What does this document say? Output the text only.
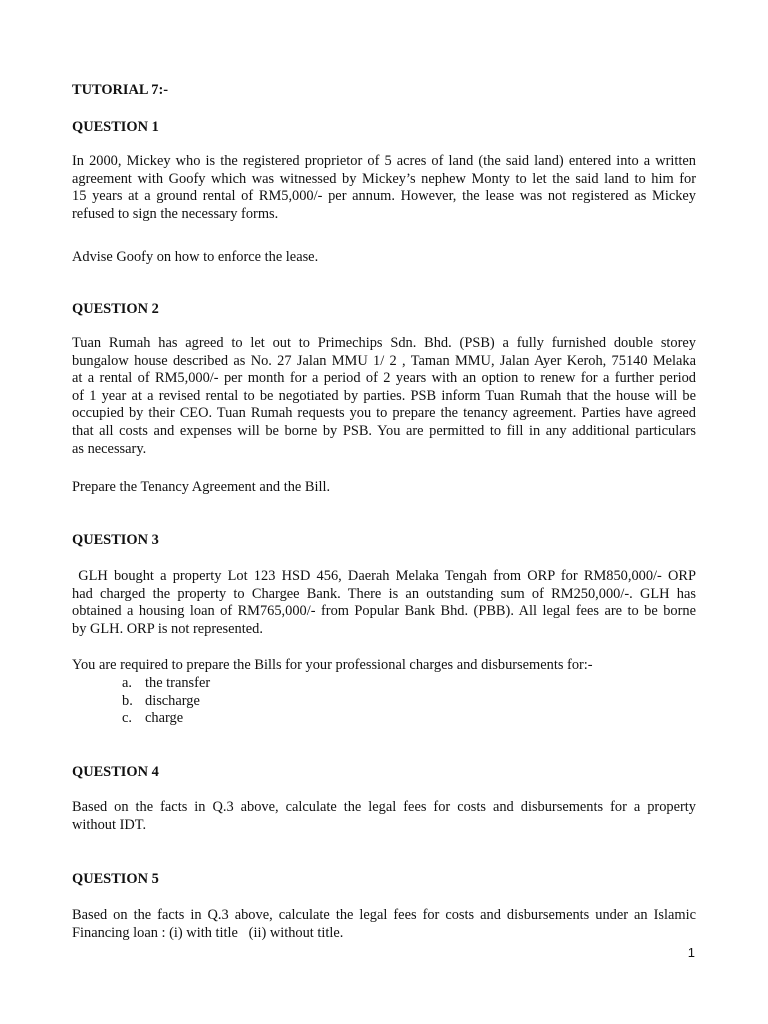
TUTORIAL 7:-

QUESTION 1

In 2000, Mickey who is the registered proprietor of 5 acres of land (the said land) entered into a written
agreement with Goofy which was witnessed by Mickey’s nephew Monty to let the said land to him for
15 years at a ground rental of RM5,000/- per annum. However, the lease was not registered as Mickey
refused to sign the necessary forms.

Advise Goofy on how to enforce the lease.

QUESTION 2

Tuan Rumah has agreed to let out to Primechips Sdn. Bhd. (PSB) a fully furnished double storey
bungalow house described as No. 27 Jalan MMU 1/ 2 , Taman MMU, Jalan Ayer Keroh, 75140 Melaka
at a rental of RM5,000/- per month for a period of 2 years with an option to renew for a further period
of 1 year at a revised rental to be negotiated by parties. PSB inform Tuan Rumah that the house will be
occupied by their CEO. Tuan Rumah requests you to prepare the tenancy agreement. Parties have agreed
that all costs and expenses will be borne by PSB. You are permitted to fill in any additional particulars
as necessary.

Prepare the Tenancy Agreement and the Bill.

QUESTION 3

GLH bought a property Lot 123 HSD 456, Daerah Melaka Tengah from ORP for RM850,000/- ORP
had charged the property to Chargee Bank. There is an outstanding sum of RM250,000/-. GLH has
obtained a housing loan of RM765,000/- from Popular Bank Bhd. (PBB). All legal fees are to be borne
by GLH. ORP is not represented.

You are required to prepare the Bills for your professional charges and disbursements for:-

a. the transfer
b. discharge
c. charge

QUESTION 4

Based on the facts in Q.3 above, calculate the legal fees for costs and disbursements for a property
without IDT.

QUESTION 5

Based on the facts in Q.3 above, calculate the legal fees for costs and disbursements under an Islamic
Financing loan : (i) with title   (ii) without title.

1
